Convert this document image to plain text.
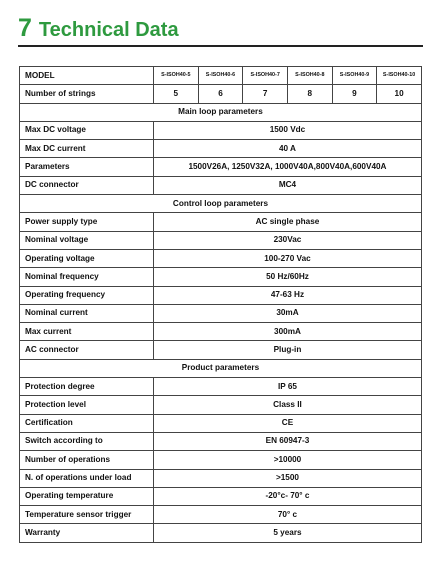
7 Technical Data
MODEL	S-ISOH40-5	S-ISOH40-6	S-ISOH40-7	S-ISOH40-8	S-ISOH40-9	S-ISOH40-10
Number of strings	5	6	7	8	9	10
Main loop parameters						
Max DC voltage	1500 Vdc					
Max DC current	40 A					
Parameters	1500V26A, 1250V32A, 1000V40A,800V40A,600V40A					
DC connector	MC4					
Control loop parameters						
Power supply type	AC single phase					
Nominal voltage	230Vac					
Operating voltage	100-270 Vac					
Nominal frequency	50 Hz/60Hz					
Operating frequency	47-63 Hz					
Nominal current	30mA					
Max current	300mA					
AC connector	Plug-in					
Product parameters						
Protection degree	IP 65					
Protection level	Class II					
Certification	CE					
Switch according to	EN 60947-3					
Number of operations	>10000					
N. of operations under load	>1500					
Operating temperature	-20°c- 70° c					
Temperature sensor trigger	70° c					
Warranty	5 years					
